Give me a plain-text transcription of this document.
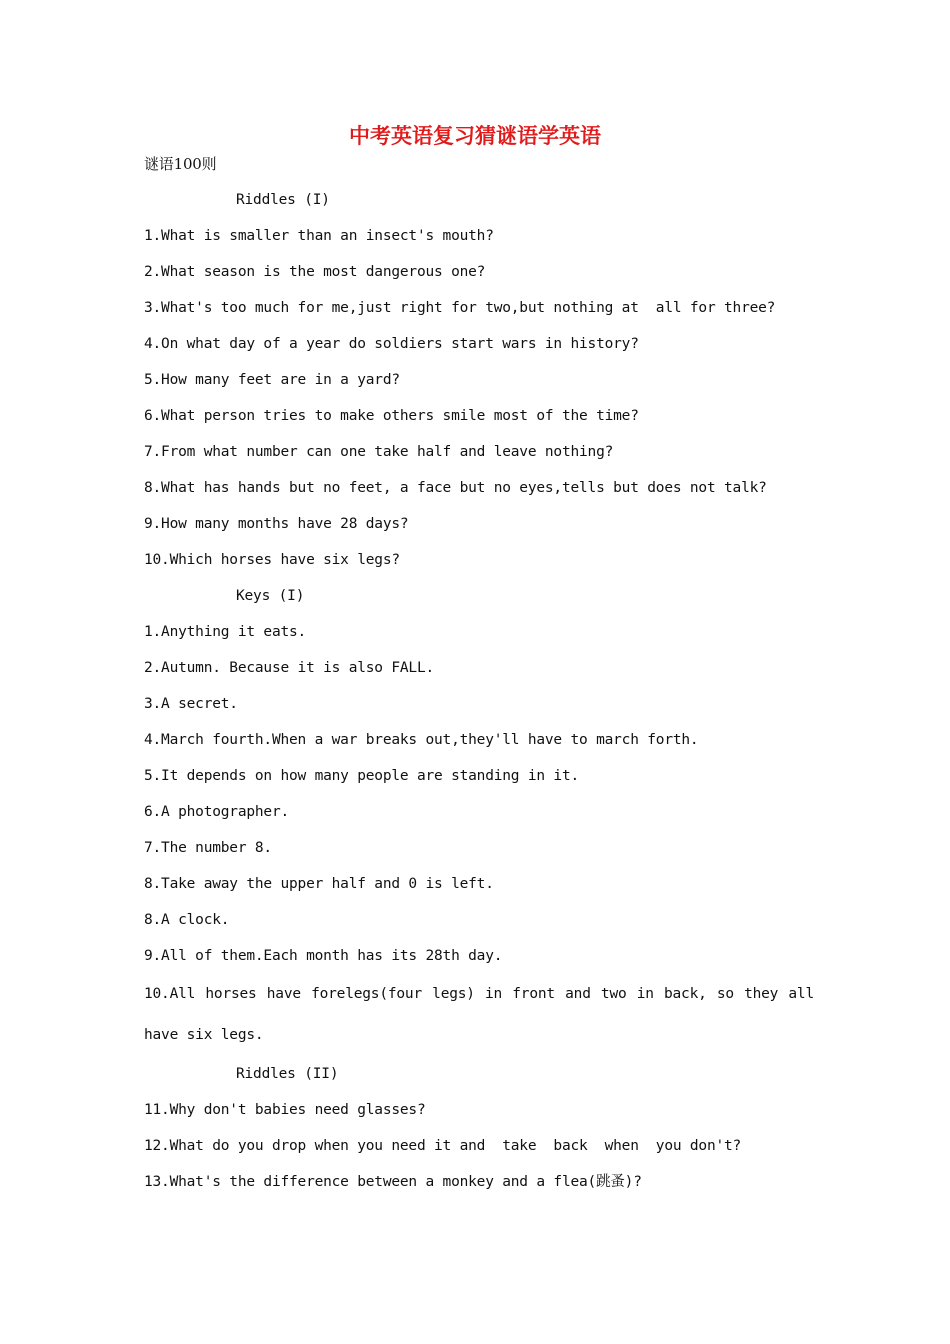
中考英语复习猜谜语学英语
谜语100则
Riddles (I)
1.What is smaller than an insect's mouth?
2.What season is the most dangerous one?
3.What's too much for me,just right for two,but nothing at  all for three?
4.On what day of a year do soldiers start wars in history?
5.How many feet are in a yard?
6.What person tries to make others smile most of the time?
7.From what number can one take half and leave nothing?
8.What has hands but no feet, a face but no eyes,tells but does not talk?
9.How many months have 28 days?
10.Which horses have six legs?
Keys (I)
1.Anything it eats.
2.Autumn. Because it is also FALL.
3.A secret.
4.March fourth.When a war breaks out,they'll have to march forth.
5.It depends on how many people are standing in it.
6.A photographer.
7.The number 8.
8.Take away the upper half and 0 is left.
8.A clock.
9.All of them.Each month has its 28th day.
10.All horses have forelegs(four legs) in front and two in back, so they all have six legs.
Riddles (II)
11.Why don't babies need glasses?
12.What do you drop when you need it and  take  back  when  you don't?
13.What's the difference between a monkey and a flea(跳蚤)?
